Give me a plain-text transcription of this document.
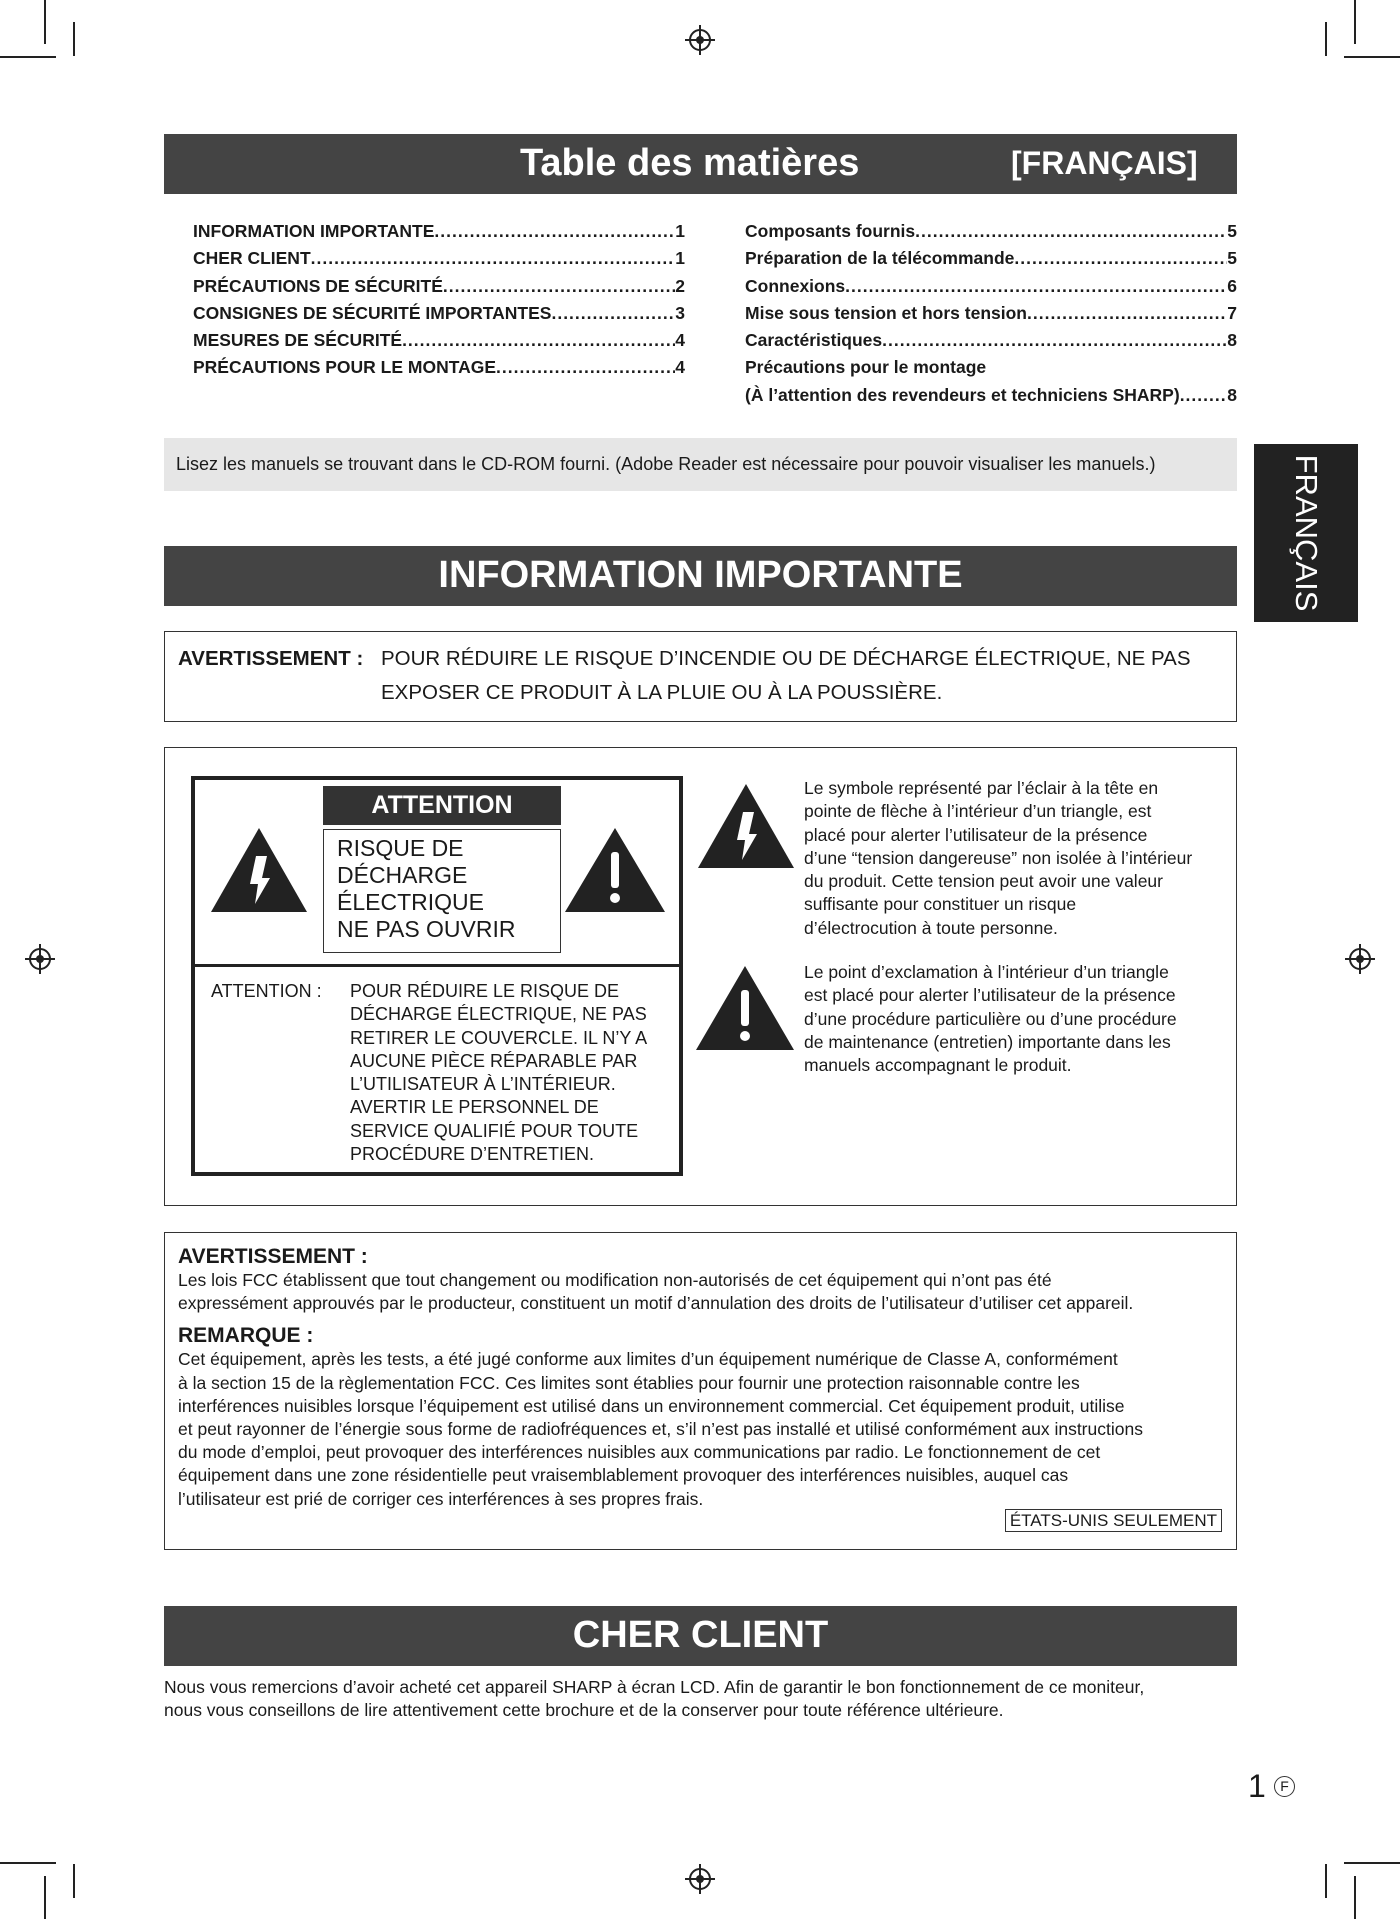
Table des matières	[FRANÇAIS]
INFORMATION IMPORTANTE .....	1
CHER CLIENT .....	1
PRÉCAUTIONS DE SÉCURITÉ .....	2
CONSIGNES DE SÉCURITÉ IMPORTANTES .....	3
MESURES DE SÉCURITÉ .....	4
PRÉCAUTIONS POUR LE MONTAGE .....	4
Composants fournis .....	5
Préparation de la télécommande .....	5
Connexions .....	6
Mise sous tension et hors tension .....	7
Caractéristiques .....	8
Précautions pour le montage
(À l’attention des revendeurs et techniciens SHARP) .....	8
Lisez les manuels se trouvant dans le CD-ROM fourni. (Adobe Reader est nécessaire pour pouvoir visualiser les manuels.)	FRANÇAIS
INFORMATION IMPORTANTE
AVERTISSEMENT : POUR RÉDUIRE LE RISQUE D’INCENDIE OU DE DÉCHARGE ÉLECTRIQUE, NE PAS
EXPOSER CE PRODUIT À LA PLUIE OU À LA POUSSIÈRE.
ATTENTION
RISQUE DE
DÉCHARGE
ÉLECTRIQUE
NE PAS OUVRIR
ATTENTION : POUR RÉDUIRE LE RISQUE DE
DÉCHARGE ÉLECTRIQUE, NE PAS
RETIRER LE COUVERCLE. IL N’Y A
AUCUNE PIÈCE RÉPARABLE PAR
L’UTILISATEUR À L’INTÉRIEUR.
AVERTIR LE PERSONNEL DE
SERVICE QUALIFIÉ POUR TOUTE
PROCÉDURE D’ENTRETIEN.
Le symbole représenté par l’éclair à la tête en
pointe de flèche à l’intérieur d’un triangle, est
placé pour alerter l’utilisateur de la présence
d’une “tension dangereuse” non isolée à l’intérieur
du produit. Cette tension peut avoir une valeur
suffisante pour constituer un risque
d’électrocution à toute personne.
Le point d’exclamation à l’intérieur d’un triangle
est placé pour alerter l’utilisateur de la présence
d’une procédure particulière ou d’une procédure
de maintenance (entretien) importante dans les
manuels accompagnant le produit.
AVERTISSEMENT :

Les lois FCC établissent que tout changement ou modification non-autorisés de cet équipement qui n’ont pas été

expressément approuvés par le producteur, constituent un motif d’annulation des droits de l’utilisateur d’utiliser cet appareil.

REMARQUE :

Cet équipement, après les tests, a été jugé conforme aux limites d’un équipement numérique de Classe A, conformément

à la section 15 de la règlementation FCC. Ces limites sont établies pour fournir une protection raisonnable contre les

interférences nuisibles lorsque l’équipement est utilisé dans un environnement commercial. Cet équipement produit, utilise

et peut rayonner de l’énergie sous forme de radiofréquences et, s’il n’est pas installé et utilisé conformément aux instructions

du mode d’emploi, peut provoquer des interférences nuisibles aux communications par radio. Le fonctionnement de cet

équipement dans une zone résidentielle peut vraisemblablement provoquer des interférences nuisibles, auquel cas

l’utilisateur est prié de corriger ces interférences à ses propres frais.

ÉTATS-UNIS SEULEMENT
CHER CLIENT
Nous vous remercions d’avoir acheté cet appareil SHARP à écran LCD. Afin de garantir le bon fonctionnement de ce moniteur,
nous vous conseillons de lire attentivement cette brochure et de la conserver pour toute référence ultérieure.
1	F
